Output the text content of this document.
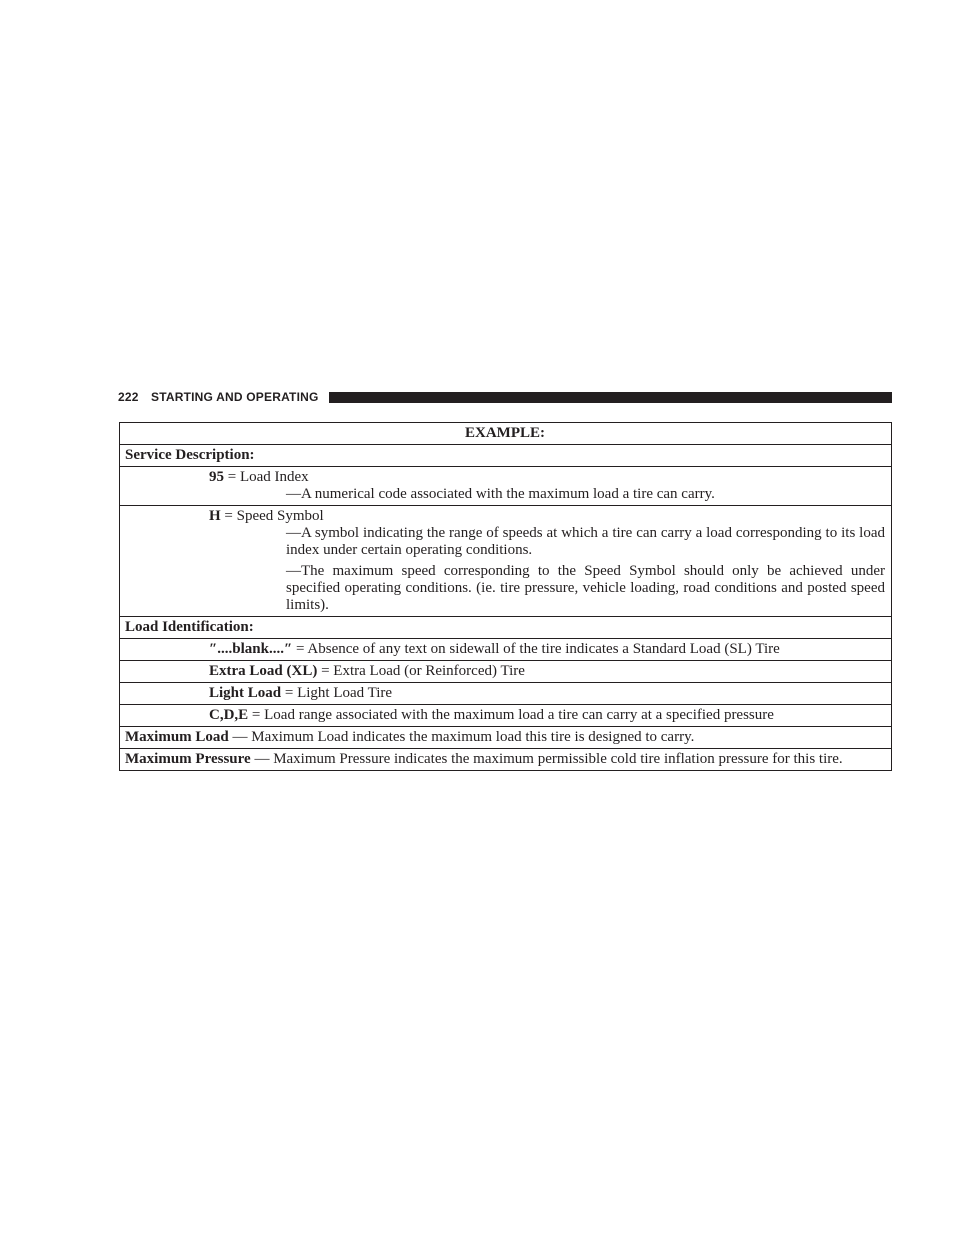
222 STARTING AND OPERATING
EXAMPLE:
Service Description:

95 = Load Index
—A numerical code associated with the maximum load a tire can carry.

H = Speed Symbol
—A symbol indicating the range of speeds at which a tire can carry a load corresponding to its load index under certain operating conditions.
—The maximum speed corresponding to the Speed Symbol should only be achieved under specified operating conditions. (ie. tire pressure, vehicle loading, road conditions and posted speed limits).

Load Identification:

″....blank....″ = Absence of any text on sidewall of the tire indicates a Standard Load (SL) Tire

Extra Load (XL) = Extra Load (or Reinforced) Tire

Light Load = Light Load Tire

C,D,E = Load range associated with the maximum load a tire can carry at a specified pressure

Maximum Load — Maximum Load indicates the maximum load this tire is designed to carry.
Maximum Pressure — Maximum Pressure indicates the maximum permissible cold tire inflation pressure for this tire.
